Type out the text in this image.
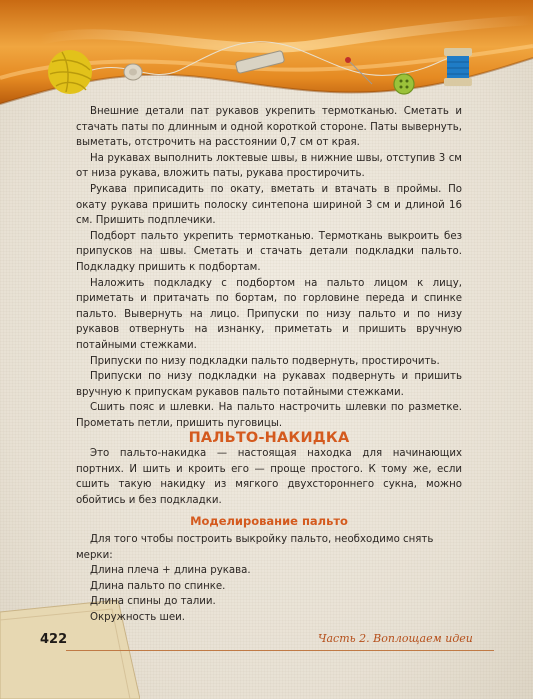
Внешние детали пат рукавов укрепить термотканью. Сметать и стачать паты по длинным и одной короткой стороне. Паты вывернуть, выметать, отстрочить на расстоянии 0,7 см от края.

На рукавах выполнить локтевые швы, в нижние швы, отступив 3 см от низа рукава, вложить паты, рукава простирочить.

Рукава приписадить по окату, вметать и втачать в проймы. По окату рукава пришить полоску синтепона шириной 3 см и длиной 16 см. Пришить подплечики.

Подборт пальто укрепить термотканью. Термоткань выкроить без припусков на швы. Сметать и стачать детали подкладки пальто. Подкладку пришить к подбортам.

Наложить подкладку с подбортом на пальто лицом к лицу, приметать и притачать по бортам, по горловине переда и спинке пальто. Вывернуть на лицо. Припуски по низу пальто и по низу рукавов отвернуть на изнанку, приметать и пришить вручную потайными стежками.

Припуски по низу подкладки пальто подвернуть, простирочить.

Припуски по низу подкладки на рукавах подвернуть и пришить вручную к припускам рукавов пальто потайными стежками.

Сшить пояс и шлевки. На пальто настрочить шлевки по разметке. Прометать петли, пришить пуговицы.

ПАЛЬТО-НАКИДКА

Это пальто-накидка — настоящая находка для начинающих портних. И шить и кроить его — проще простого. К тому же, если сшить такую накидку из мягкого двухстороннего сукна, можно обойтись и без подкладки.

Моделирование пальто

Для того чтобы построить выкройку пальто, необходимо снять мерки:

Длина плеча + длина рукава.

Длина пальто по спинке.

Длина спины до талии.

Окружность шеи.

422	Часть 2. Воплощаем идеи
